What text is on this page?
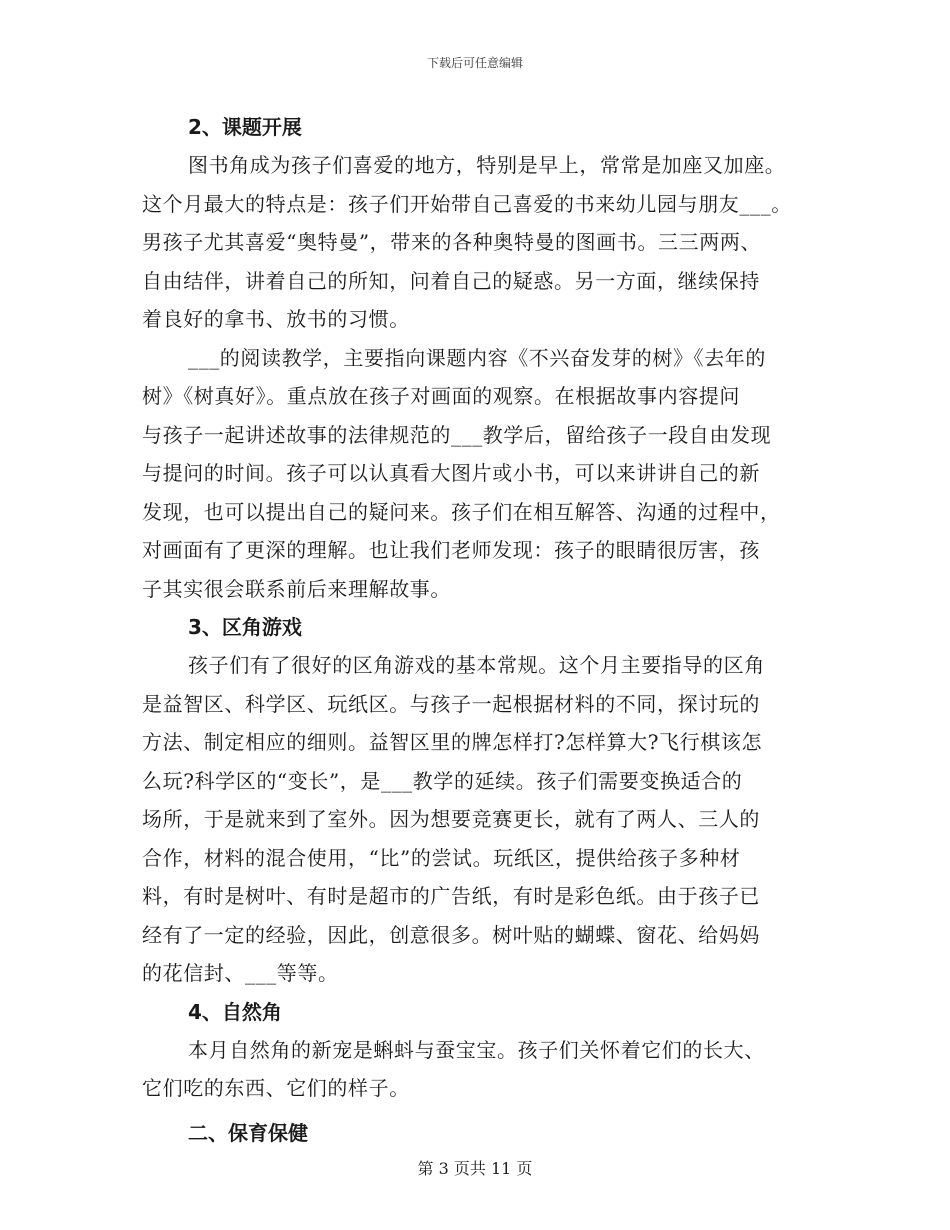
下载后可任意编辑
2、课题开展
图书角成为孩子们喜爱的地方，特别是早上，常常是加座又加座。
这个月最大的特点是：孩子们开始带自己喜爱的书来幼儿园与朋友___。
男孩子尤其喜爱“奥特曼”，带来的各种奥特曼的图画书。三三两两、
自由结伴，讲着自己的所知，问着自己的疑惑。另一方面，继续保持
着良好的拿书、放书的习惯。
___的阅读教学，主要指向课题内容《不兴奋发芽的树》《去年的
树》《树真好》。重点放在孩子对画面的观察。在根据故事内容提问
与孩子一起讲述故事的法律规范的___教学后，留给孩子一段自由发现
与提问的时间。孩子可以认真看大图片或小书，可以来讲讲自己的新
发现，也可以提出自己的疑问来。孩子们在相互解答、沟通的过程中，
对画面有了更深的理解。也让我们老师发现：孩子的眼睛很厉害，孩
子其实很会联系前后来理解故事。
3、区角游戏
孩子们有了很好的区角游戏的基本常规。这个月主要指导的区角
是益智区、科学区、玩纸区。与孩子一起根据材料的不同，探讨玩的
方法、制定相应的细则。益智区里的牌怎样打?怎样算大?飞行棋该怎
么玩?科学区的“变长”，是___教学的延续。孩子们需要变换适合的
场所，于是就来到了室外。因为想要竞赛更长，就有了两人、三人的
合作，材料的混合使用，“比”的尝试。玩纸区，提供给孩子多种材
料，有时是树叶、有时是超市的广告纸，有时是彩色纸。由于孩子已
经有了一定的经验，因此，创意很多。树叶贴的蝴蝶、窗花、给妈妈
的花信封、___等等。
4、自然角
本月自然角的新宠是蝌蚪与蚕宝宝。孩子们关怀着它们的长大、
它们吃的东西、它们的样子。
二、保育保健
第 3 页共 11 页
